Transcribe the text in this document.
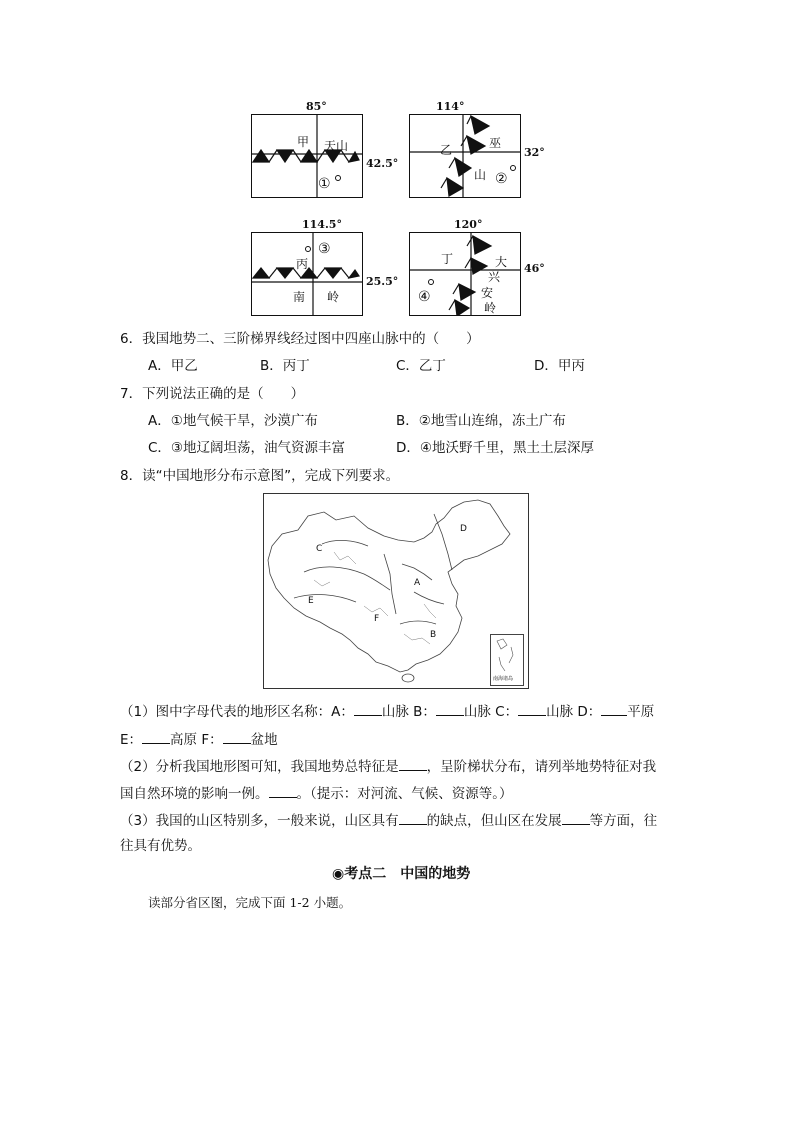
85°
甲 天山
①
42.5°
114°
乙	巫
山 ②
32°
114.5°
③
丙
南 岭
25.5°
120°
丁	大
兴
安
岭
④
46°
6．我国地势二、三阶梯界线经过图中四座山脉中的（　　）
A．甲乙	B．丙丁	C．乙丁	D．甲丙
7．下列说法正确的是（　　）
A．①地气候干旱，沙漠广布	B．②地雪山连绵，冻土广布
C．③地辽阔坦荡，油气资源丰富	D．④地沃野千里，黑土土层深厚
8．读“中国地形分布示意图”，完成下列要求。
D
C
A
E
F
B
南海诸岛
（1）图中字母代表的地形区名称：A： 山脉 B： 山脉 C： 山脉 D： 平原
E： 高原 F： 盆地
（2）分析我国地形图可知，我国地势总特征是 ，呈阶梯状分布，请列举地势特征对我
国自然环境的影响一例。 。（提示：对河流、气候、资源等。）
（3）我国的山区特别多，一般来说，山区具有 的缺点，但山区在发展 等方面，往
往具有优势。
◉考点二　中国的地势
读部分省区图，完成下面 1-2 小题。
